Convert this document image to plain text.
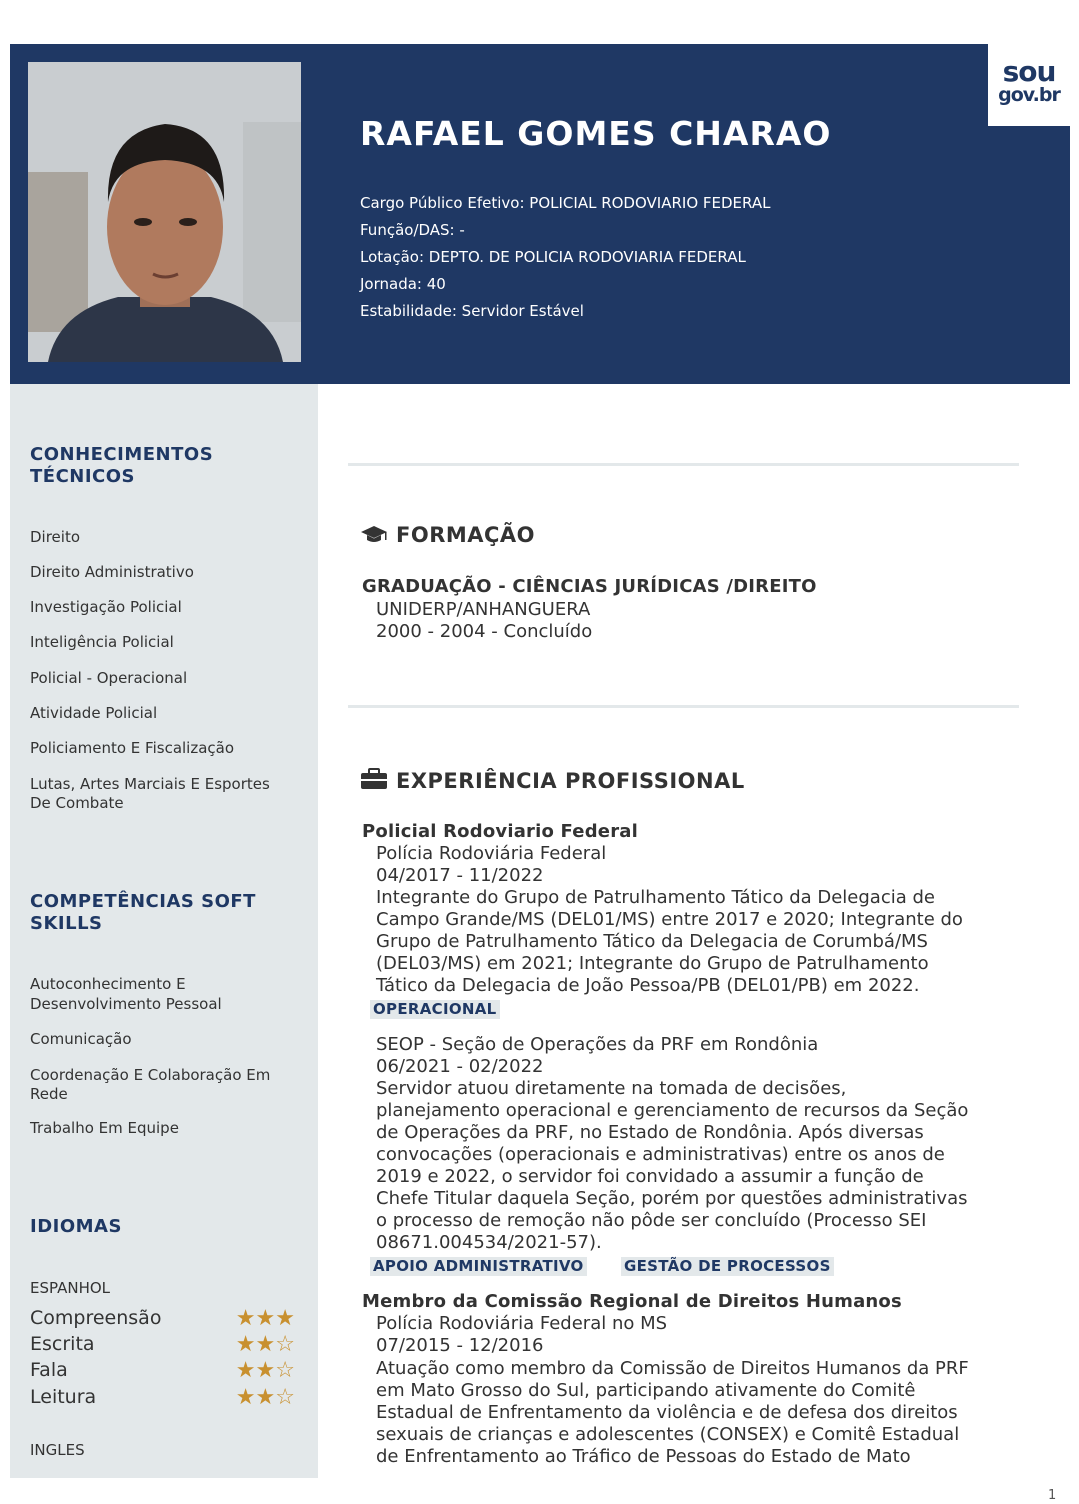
RAFAEL GOMES CHARAO
Cargo Público Efetivo: POLICIAL RODOVIARIO FEDERAL
Função/DAS: -
Lotação: DEPTO. DE POLICIA RODOVIARIA FEDERAL
Jornada: 40
Estabilidade: Servidor Estável
sou
gov.br
CONHECIMENTOS
TÉCNICOS
Direito
Direito Administrativo
Investigação Policial
Inteligência Policial
Policial - Operacional
Atividade Policial
Policiamento E Fiscalização
Lutas, Artes Marciais E Esportes
De Combate
COMPETÊNCIAS SOFT
SKILLS
Autoconhecimento E
Desenvolvimento Pessoal
Comunicação
Coordenação E Colaboração Em
Rede
Trabalho Em Equipe
IDIOMAS
ESPANHOL
Compreensão	★★★
Escrita	★★☆
Fala	★★☆
Leitura	★★☆
INGLES
FORMAÇÃO
GRADUAÇÃO - CIÊNCIAS JURÍDICAS /DIREITO
UNIDERP/ANHANGUERA
2000 - 2004 - Concluído
EXPERIÊNCIA PROFISSIONAL
Policial Rodoviario Federal
Polícia Rodoviária Federal
04/2017 - 11/2022
Integrante do Grupo de Patrulhamento Tático da Delegacia de
Campo Grande/MS (DEL01/MS) entre 2017 e 2020; Integrante do
Grupo de Patrulhamento Tático da Delegacia de Corumbá/MS
(DEL03/MS) em 2021; Integrante do Grupo de Patrulhamento
Tático da Delegacia de João Pessoa/PB (DEL01/PB) em 2022.
OPERACIONAL
SEOP - Seção de Operações da PRF em Rondônia
06/2021 - 02/2022
Servidor atuou diretamente na tomada de decisões,
planejamento operacional e gerenciamento de recursos da Seção
de Operações da PRF, no Estado de Rondônia. Após diversas
convocações (operacionais e administrativas) entre os anos de
2019 e 2022, o servidor foi convidado a assumir a função de
Chefe Titular daquela Seção, porém por questões administrativas
o processo de remoção não pôde ser concluído (Processo SEI
08671.004534/2021-57).
APOIO ADMINISTRATIVO	GESTÃO DE PROCESSOS
Membro da Comissão Regional de Direitos Humanos
Polícia Rodoviária Federal no MS
07/2015 - 12/2016
Atuação como membro da Comissão de Direitos Humanos da PRF
em Mato Grosso do Sul, participando ativamente do Comitê
Estadual de Enfrentamento da violência e de defesa dos direitos
sexuais de crianças e adolescentes (CONSEX) e Comitê Estadual
de Enfrentamento ao Tráfico de Pessoas do Estado de Mato
1
